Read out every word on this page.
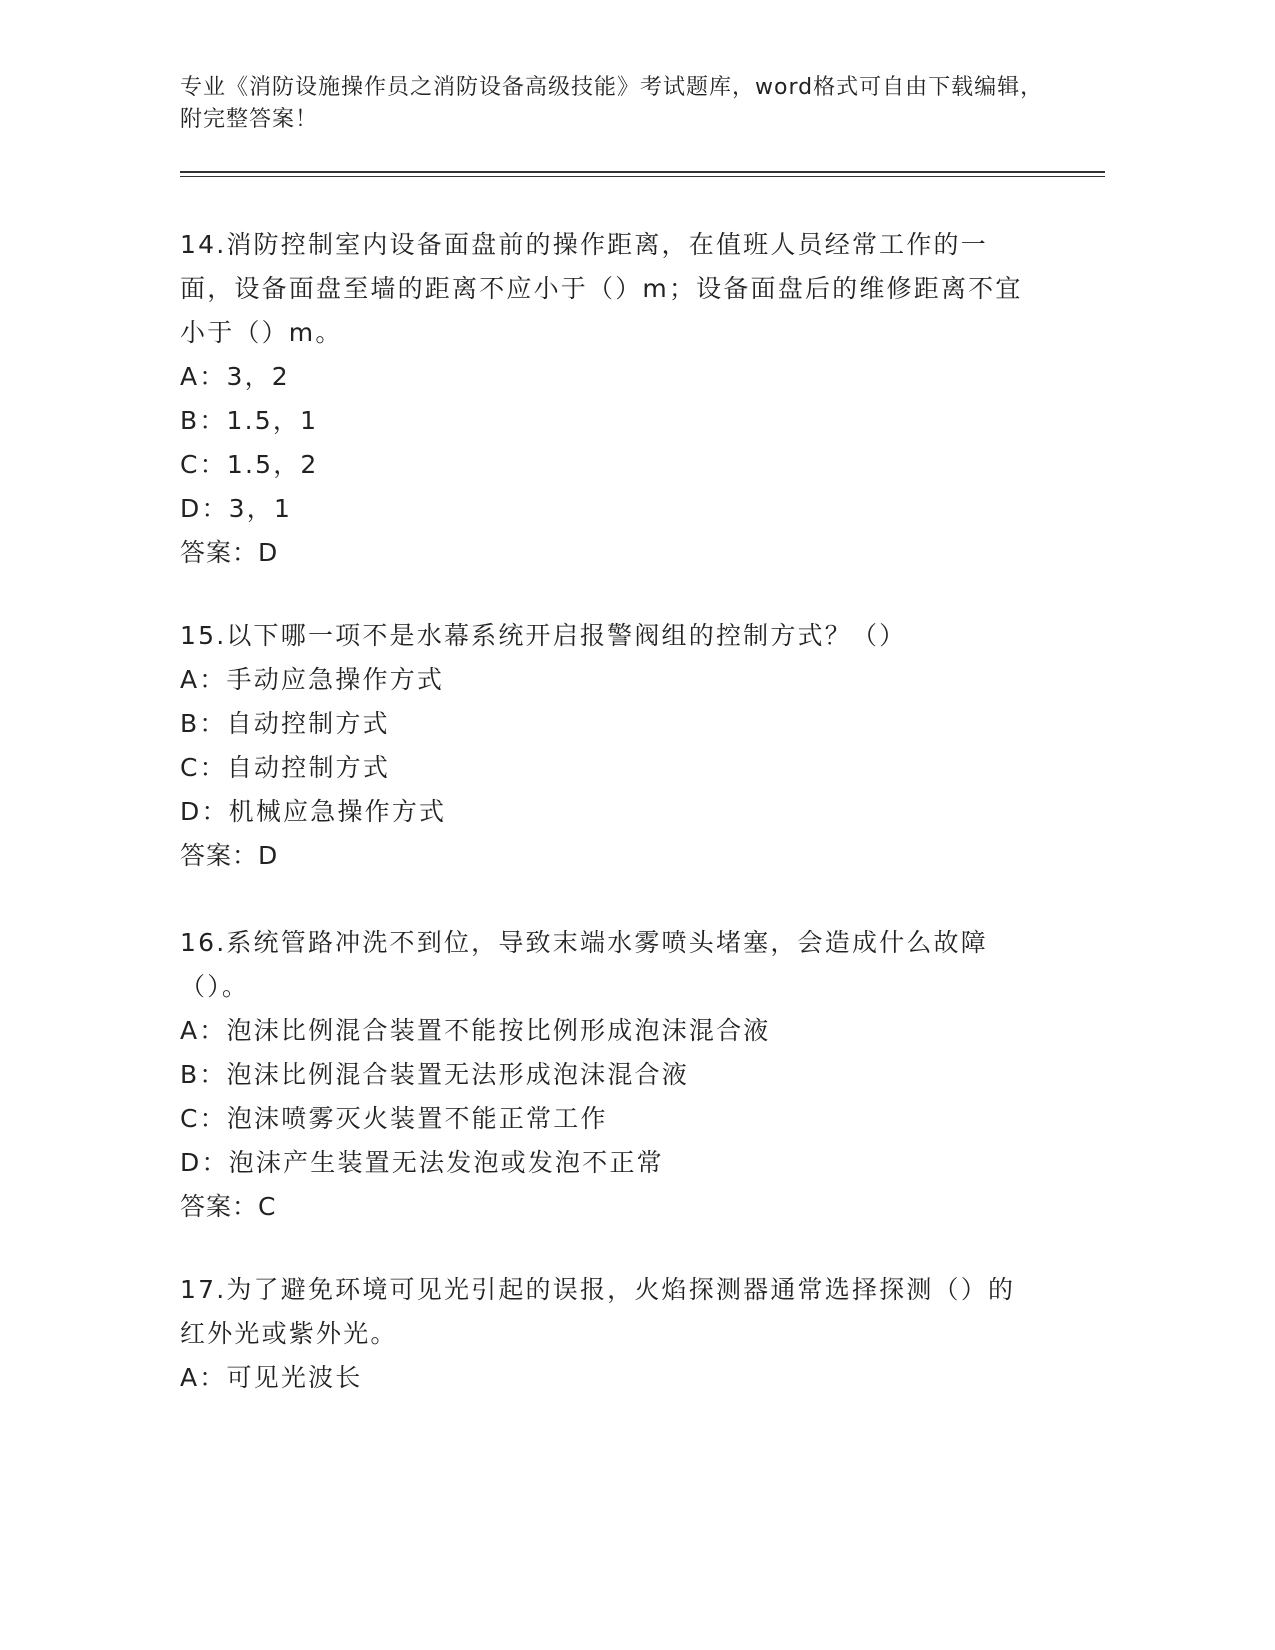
专业《消防设施操作员之消防设备高级技能》考试题库，word格式可自由下载编辑，附完整答案！

14.消防控制室内设备面盘前的操作距离，在值班人员经常工作的一面，设备面盘至墙的距离不应小于（）m；设备面盘后的维修距离不宜小于（）m。

A：3，2

B：1.5，1

C：1.5，2

D：3，1

答案：D

15.以下哪一项不是水幕系统开启报警阀组的控制方式？（）

A：手动应急操作方式

B：自动控制方式

C：自动控制方式

D：机械应急操作方式

答案：D

16.系统管路冲洗不到位，导致末端水雾喷头堵塞，会造成什么故障（）。

A：泡沫比例混合装置不能按比例形成泡沫混合液

B：泡沫比例混合装置无法形成泡沫混合液

C：泡沫喷雾灭火装置不能正常工作

D：泡沫产生装置无法发泡或发泡不正常

答案：C

17.为了避免环境可见光引起的误报，火焰探测器通常选择探测（）的红外光或紫外光。

A：可见光波长
